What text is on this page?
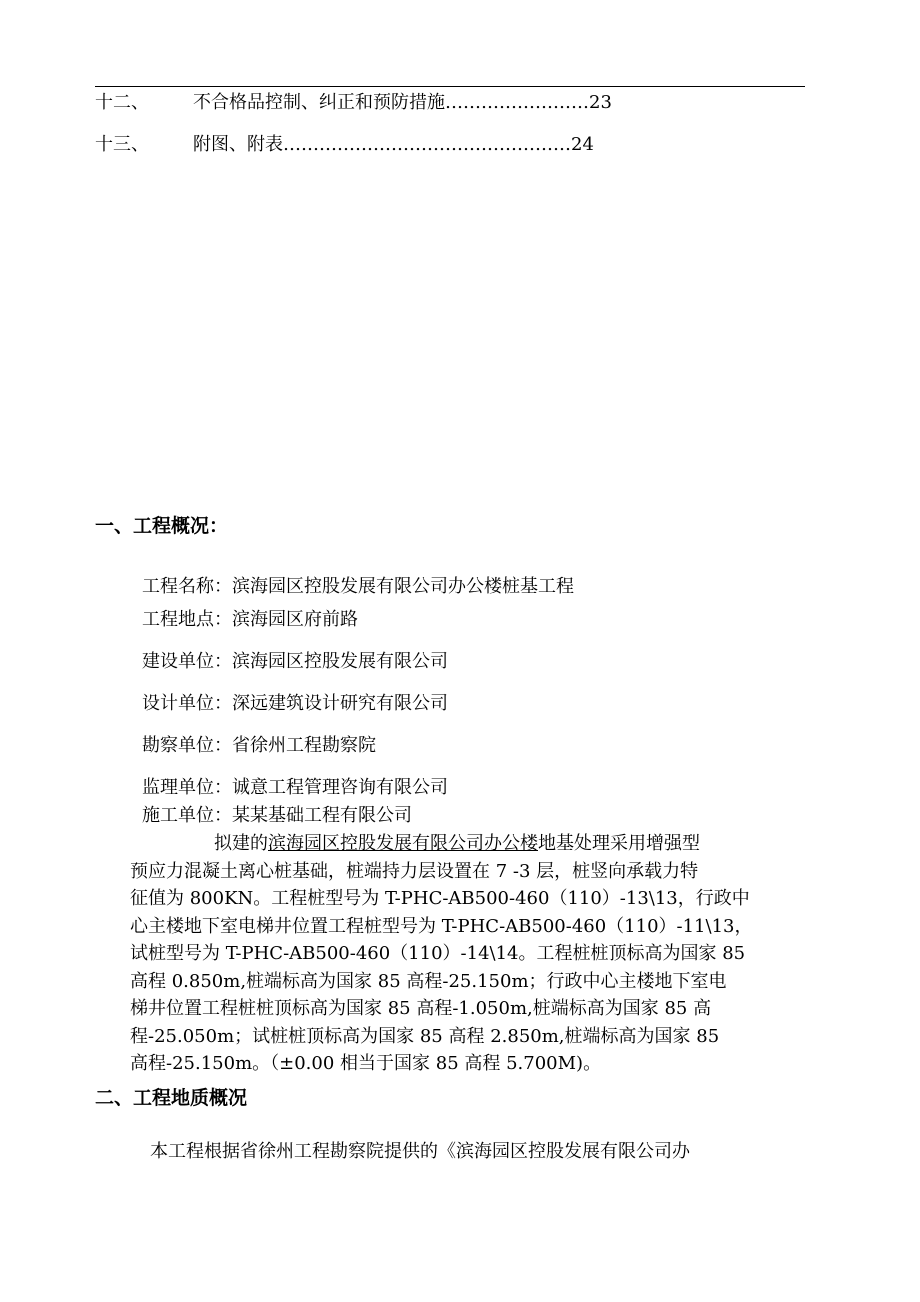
十二、 不合格品控制、纠正和预防措施……………………23
十三、 附图、附表…………………………………………24
一、工程概况：
工程名称：滨海园区控股发展有限公司办公楼桩基工程
工程地点：滨海园区府前路
建设单位：滨海园区控股发展有限公司
设计单位：深远建筑设计研究有限公司
勘察单位：省徐州工程勘察院
监理单位：诚意工程管理咨询有限公司
施工单位：某某基础工程有限公司
拟建的滨海园区控股发展有限公司办公楼地基处理采用增强型
预应力混凝土离心桩基础，桩端持力层设置在 7 -3 层，桩竖向承载力特
征值为 800KN。工程桩型号为 T-PHC-AB500-460（110）-13\13，行政中
心主楼地下室电梯井位置工程桩型号为 T-PHC-AB500-460（110）-11\13，
试桩型号为 T-PHC-AB500-460（110）-14\14。工程桩桩顶标高为国家 85
高程 0.850m,桩端标高为国家 85 高程-25.150m；行政中心主楼地下室电
梯井位置工程桩桩顶标高为国家 85 高程-1.050m,桩端标高为国家 85 高
程-25.050m；试桩桩顶标高为国家 85 高程 2.850m,桩端标高为国家 85
高程-25.150m。（±0.00 相当于国家 85 高程 5.700M)。
二、工程地质概况
本工程根据省徐州工程勘察院提供的《滨海园区控股发展有限公司办
